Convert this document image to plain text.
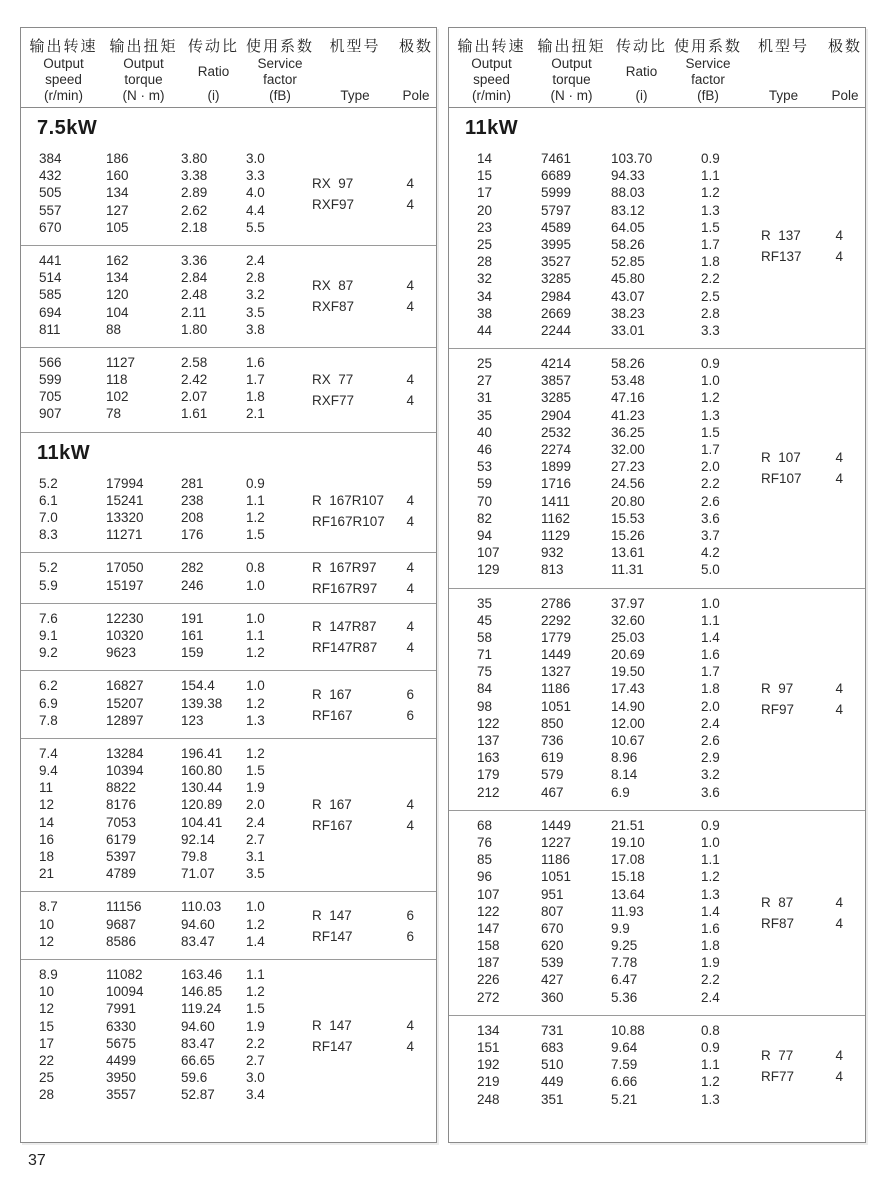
输出转速
Output
speed
(r/min)
输出扭矩
Output
torque
(N · m)
传动比
Ratio
(i)
使用系数
Service
factor
(fB)
机型号
Type
极数
Pole
7.5kW
384	186	3.80	3.0
432	160	3.38	3.3
505	134	2.89	4.0
557	127	2.62	4.4
670	105	2.18	5.5
RX  97	4
RXF97	4
441	162	3.36	2.4
514	134	2.84	2.8
585	120	2.48	3.2
694	104	2.11	3.5
811	88	1.80	3.8
RX  87	4
RXF87	4
566	1127	2.58	1.6
599	118	2.42	1.7
705	102	2.07	1.8
907	78	1.61	2.1
RX  77	4
RXF77	4
11kW
5.2	17994	281	0.9
6.1	15241	238	1.1
7.0	13320	208	1.2
8.3	11271	176	1.5
R  167R107 4
RF167R107 4
5.2	17050	282	0.8
5.9	15197	246	1.0
R  167R97 4
RF167R97 4
7.6	12230	191	1.0
9.1	10320	161	1.1
9.2	9623	159	1.2
R  147R87 4
RF147R87 4
6.2	16827	154.4	1.0
6.9	15207	139.38	1.2
7.8	12897	123	1.3
R  167	6
RF167	6
7.4	13284	196.41	1.2
9.4	10394	160.80	1.5
11	8822	130.44	1.9
12	8176	120.89	2.0
14	7053	104.41	2.4
16	6179	92.14	2.7
18	5397	79.8	3.1
21	4789	71.07	3.5
R  167	4
RF167	4
8.7	11156	110.03	1.0
10	9687	94.60	1.2
12	8586	83.47	1.4
R  147	6
RF147	6
8.9	11082	163.46	1.1
10	10094	146.85	1.2
12	7991	119.24	1.5
15	6330	94.60	1.9
17	5675	83.47	2.2
22	4499	66.65	2.7
25	3950	59.6	3.0
28	3557	52.87	3.4
R  147	4
RF147	4
输出转速
Output
speed
(r/min)
输出扭矩
Output
torque
(N · m)
传动比
Ratio
(i)
使用系数
Service
factor
(fB)
机型号
Type
极数
Pole
11kW
14	7461	103.70	0.9
15	6689	94.33	1.1
17	5999	88.03	1.2
20	5797	83.12	1.3
23	4589	64.05	1.5
25	3995	58.26	1.7
28	3527	52.85	1.8
32	3285	45.80	2.2
34	2984	43.07	2.5
38	2669	38.23	2.8
44	2244	33.01	3.3
R  137	4
RF137	4
25	4214	58.26	0.9
27	3857	53.48	1.0
31	3285	47.16	1.2
35	2904	41.23	1.3
40	2532	36.25	1.5
46	2274	32.00	1.7
53	1899	27.23	2.0
59	1716	24.56	2.2
70	1411	20.80	2.6
82	1162	15.53	3.6
94	1129	15.26	3.7
107	932	13.61	4.2
129	813	11.31	5.0
R  107	4
RF107	4
35	2786	37.97	1.0
45	2292	32.60	1.1
58	1779	25.03	1.4
71	1449	20.69	1.6
75	1327	19.50	1.7
84	1186	17.43	1.8
98	1051	14.90	2.0
122	850	12.00	2.4
137	736	10.67	2.6
163	619	8.96	2.9
179	579	8.14	3.2
212	467	6.9	3.6
R  97	4
RF97	4
68	1449	21.51	0.9
76	1227	19.10	1.0
85	1186	17.08	1.1
96	1051	15.18	1.2
107	951	13.64	1.3
122	807	11.93	1.4
147	670	9.9	1.6
158	620	9.25	1.8
187	539	7.78	1.9
226	427	6.47	2.2
272	360	5.36	2.4
R  87	4
RF87	4
134	731	10.88	0.8
151	683	9.64	0.9
192	510	7.59	1.1
219	449	6.66	1.2
248	351	5.21	1.3
R  77	4
RF77	4
37
